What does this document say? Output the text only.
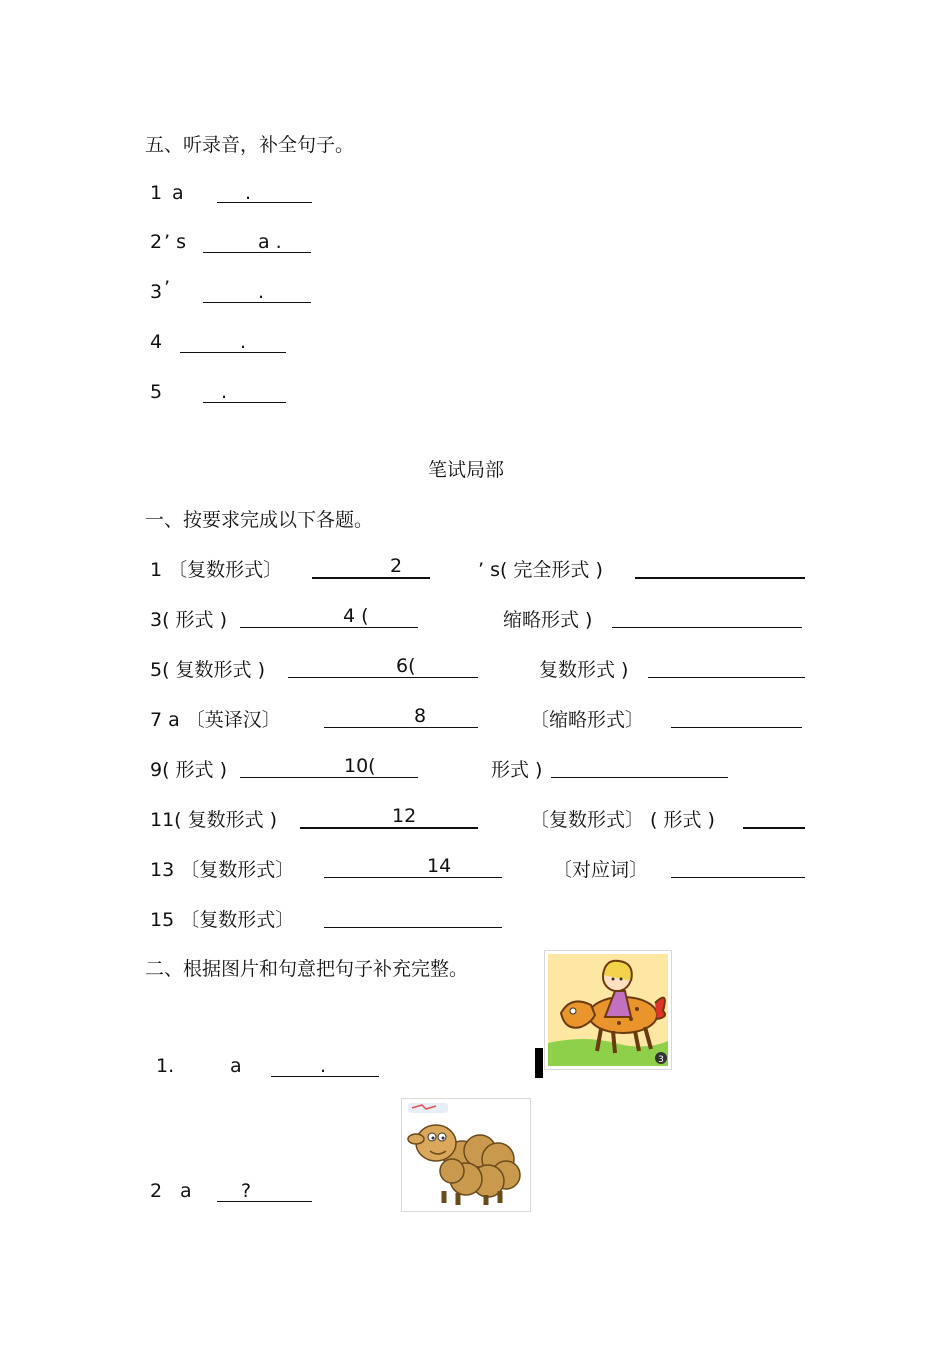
五、听录音，补全句子。
1 a	.
2 ’ s	a .
3 ’	.
4	.
5	.
笔试局部
一、按要求完成以下各题。
1 〔复数形式〕	2	’ s( 完全形式 )
3( 形式 )	4 (	缩略形式 )
5( 复数形式 )	6(	复数形式 )
7 a 〔英译汉〕	8	〔缩略形式〕
9( 形式 )	10(	形式 )
11( 复数形式 )	12	〔复数形式〕 ( 形式 )
13 〔复数形式〕	14	〔对应词〕
15 〔复数形式〕
二、根据图片和句意把句子补充完整。
3
1.	a	.
2 a	?
